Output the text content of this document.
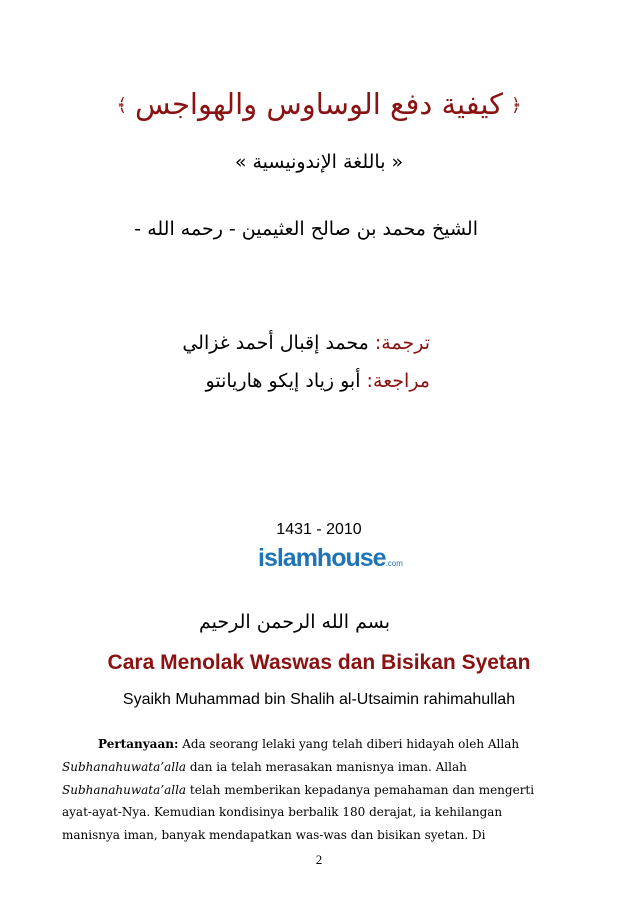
﴿كيفية دفع الوساوس والهواجس﴾
« باللغة الإندونيسية »
الشيخ محمد بن صالح العثيمين - رحمه الله -
ترجمة: محمد إقبال أحمد غزالي
مراجعة: أبو زياد إيكو هاريانتو
1431 - 2010
islamhouse.com
بسم الله الرحمن الرحيم
Cara Menolak Waswas dan Bisikan Syetan
Syaikh Muhammad bin Shalih al-Utsaimin rahimahullah
Pertanyaan: Ada seorang lelaki yang telah diberi hidayah oleh Allah
Subhanahuwata’alla dan ia telah merasakan manisnya iman. Allah
Subhanahuwata’alla telah memberikan kepadanya pemahaman dan mengerti
ayat-ayat-Nya. Kemudian kondisinya berbalik 180 derajat, ia kehilangan
manisnya iman, banyak mendapatkan was-was dan bisikan syetan. Di
2
